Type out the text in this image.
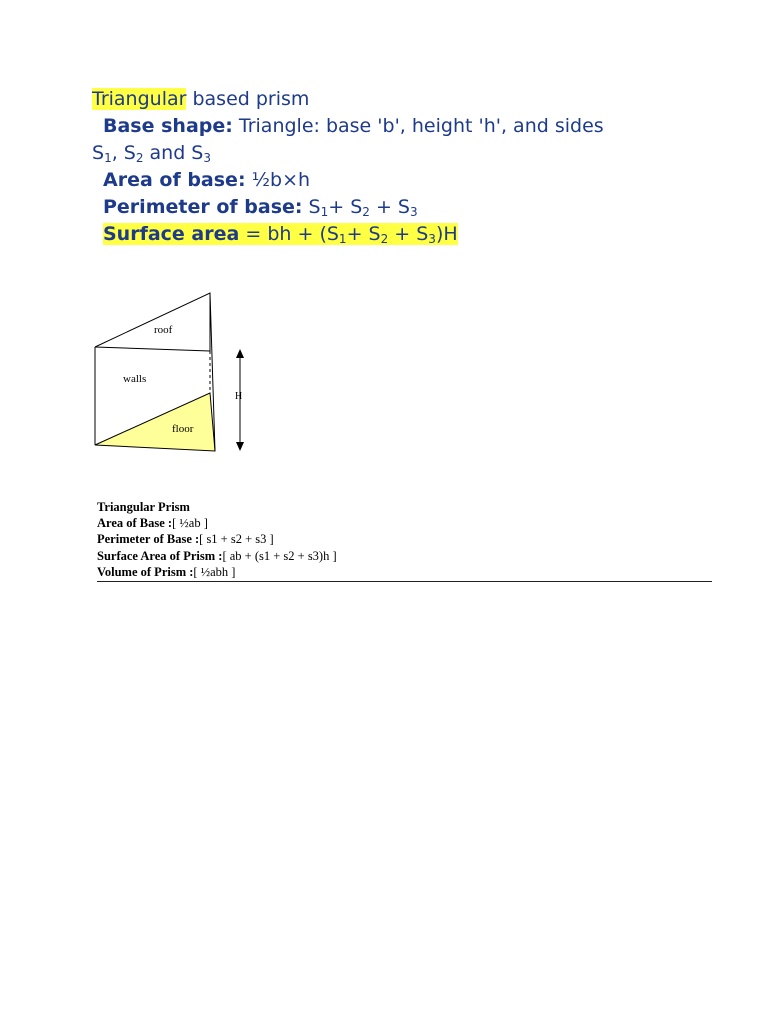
Triangular based prism
Base shape: Triangle: base 'b', height 'h', and sides
$S_1$, $S_2$ and $S_3$
Area of base: ½b×h
Perimeter of base: $S_1+ S_2 + S_3$
Surface area = bh + $(S_1+ S_2 + S_3)H$
roof
walls
floor
H
Triangular Prism
Area of Base :[ ½ab ]
Perimeter of Base :[ s1 + s2 + s3 ]
Surface Area of Prism :[ ab + (s1 + s2 + s3)h ]
Volume of Prism :[ ½abh ]
